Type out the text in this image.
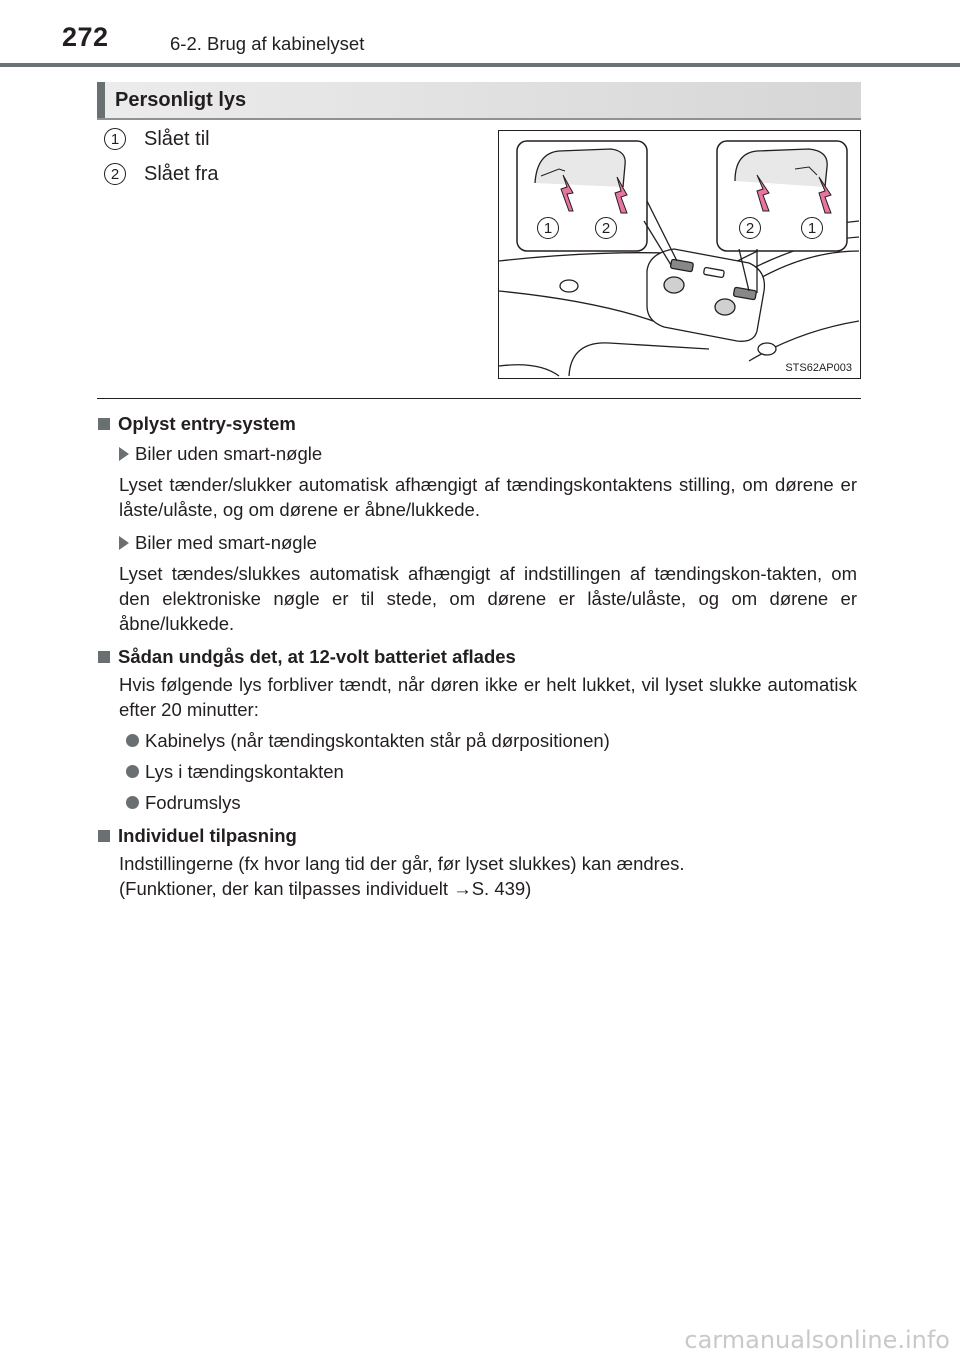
272	6-2. Brug af kabinelyset
Personligt lys
1	Slået til
2	Slået fra
1	2	2	1
STS62AP003
Oplyst entry-system
Biler uden smart-nøgle

Lyset tænder/slukker automatisk afhængigt af tændingskontaktens stilling, om dørene er låste/ulåste, og om dørene er åbne/lukkede.

Biler med smart-nøgle

Lyset tændes/slukkes automatisk afhængigt af indstillingen af tændingskon-takten, om den elektroniske nøgle er til stede, om dørene er låste/ulåste, og om dørene er åbne/lukkede.

Sådan undgås det, at 12-volt batteriet aflades

Hvis følgende lys forbliver tændt, når døren ikke er helt lukket, vil lyset slukke automatisk efter 20 minutter:

Kabinelys (når tændingskontakten står på dørpositionen)
Lys i tændingskontakten
Fodrumslys
Individuel tilpasning

Indstillingerne (fx hvor lang tid der går, før lyset slukkes) kan ændres.

(Funktioner, der kan tilpasses individuelt →S. 439)

carmanualsonline.info
